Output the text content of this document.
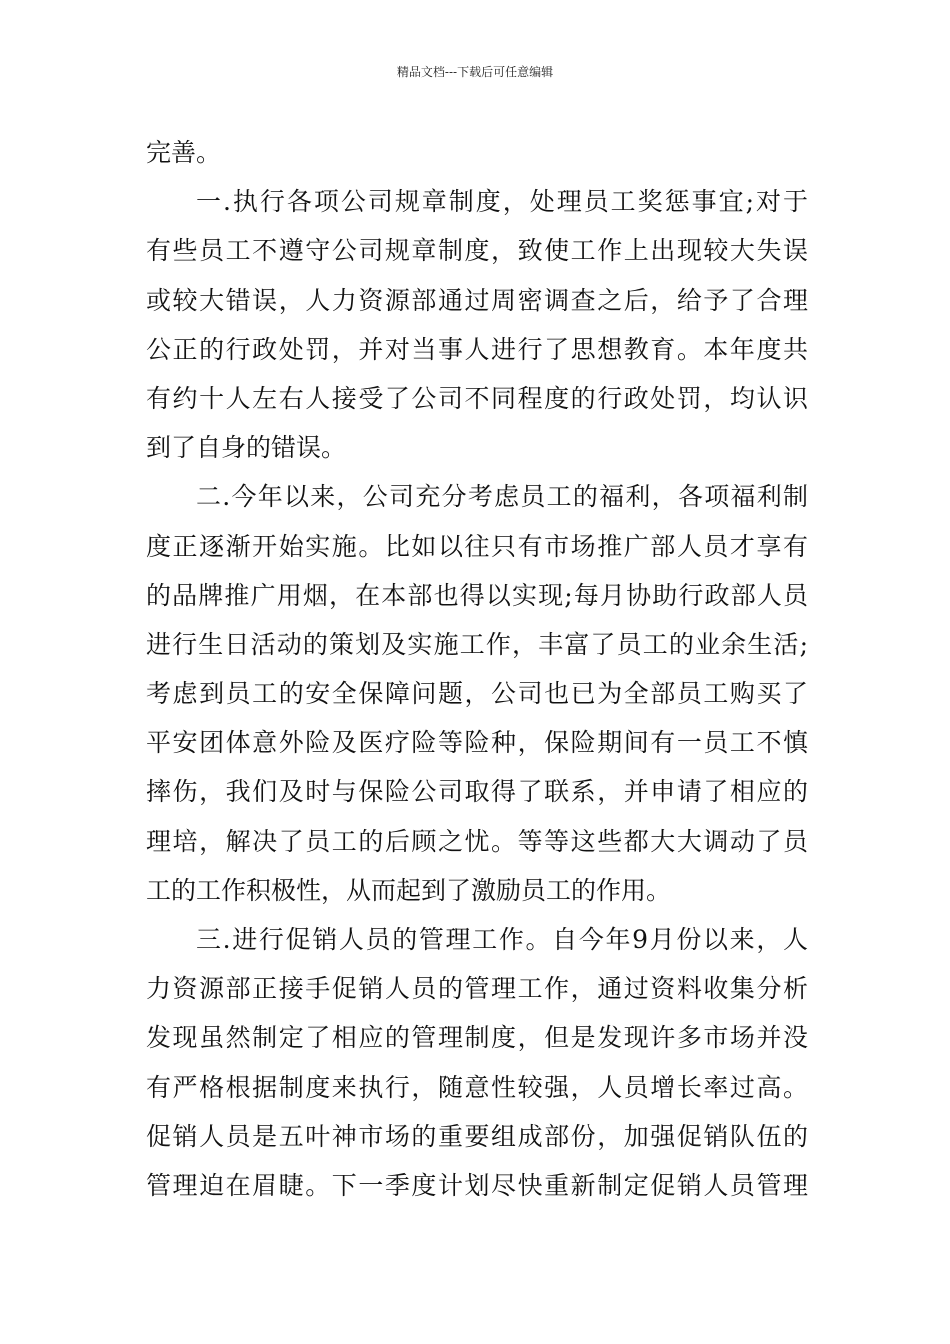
精品文档---下载后可任意编辑
完善。
一.执行各项公司规章制度，处理员工奖惩事宜;对于
有些员工不遵守公司规章制度，致使工作上出现较大失误
或较大错误，人力资源部通过周密调查之后，给予了合理
公正的行政处罚，并对当事人进行了思想教育。本年度共
有约十人左右人接受了公司不同程度的行政处罚，均认识
到了自身的错误。
二.今年以来，公司充分考虑员工的福利，各项福利制
度正逐渐开始实施。比如以往只有市场推广部人员才享有
的品牌推广用烟，在本部也得以实现;每月协助行政部人员
进行生日活动的策划及实施工作，丰富了员工的业余生活;
考虑到员工的安全保障问题，公司也已为全部员工购买了
平安团体意外险及医疗险等险种，保险期间有一员工不慎
摔伤，我们及时与保险公司取得了联系，并申请了相应的
理培，解决了员工的后顾之忧。等等这些都大大调动了员
工的工作积极性，从而起到了激励员工的作用。
三.进行促销人员的管理工作。自今年9月份以来，人
力资源部正接手促销人员的管理工作，通过资料收集分析
发现虽然制定了相应的管理制度，但是发现许多市场并没
有严格根据制度来执行，随意性较强，人员增长率过高。
促销人员是五叶神市场的重要组成部份，加强促销队伍的
管理迫在眉睫。下一季度计划尽快重新制定促销人员管理
